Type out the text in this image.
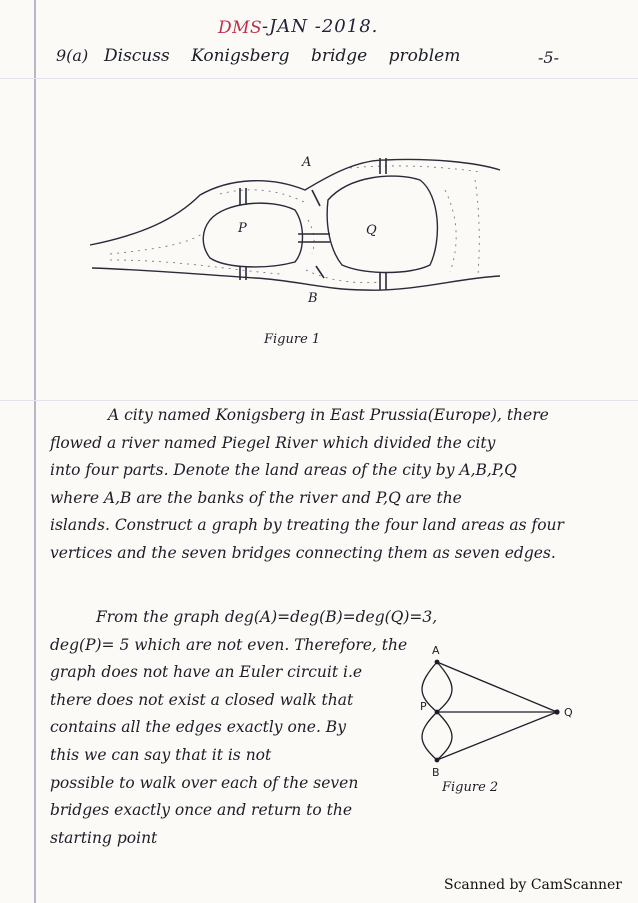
DMS -JAN -2018.
9(a) Discuss Konigsberg bridge problem	-5-
A
P	Q
B
Figure 1
A city named Konigsberg in East Prussia(Europe), there
flowed a river named Piegel River which divided the city
into four parts. Denote the land areas of the city by A,B,P,Q
where A,B are the banks of the river and P,Q are the
islands. Construct a graph by treating the four land areas as four
vertices and the seven bridges connecting them as seven edges.
From the graph deg(A)=deg(B)=deg(Q)=3,
deg(P)= 5 which are not even. Therefore, the
graph does not have an Euler circuit i.e
there does not exist a closed walk that
contains all the edges exactly one. By
this we can say that it is not
possible to walk over each of the seven
bridges exactly once and return to the
starting point
A
P
B
Q
Figure 2
Scanned by CamScanner
